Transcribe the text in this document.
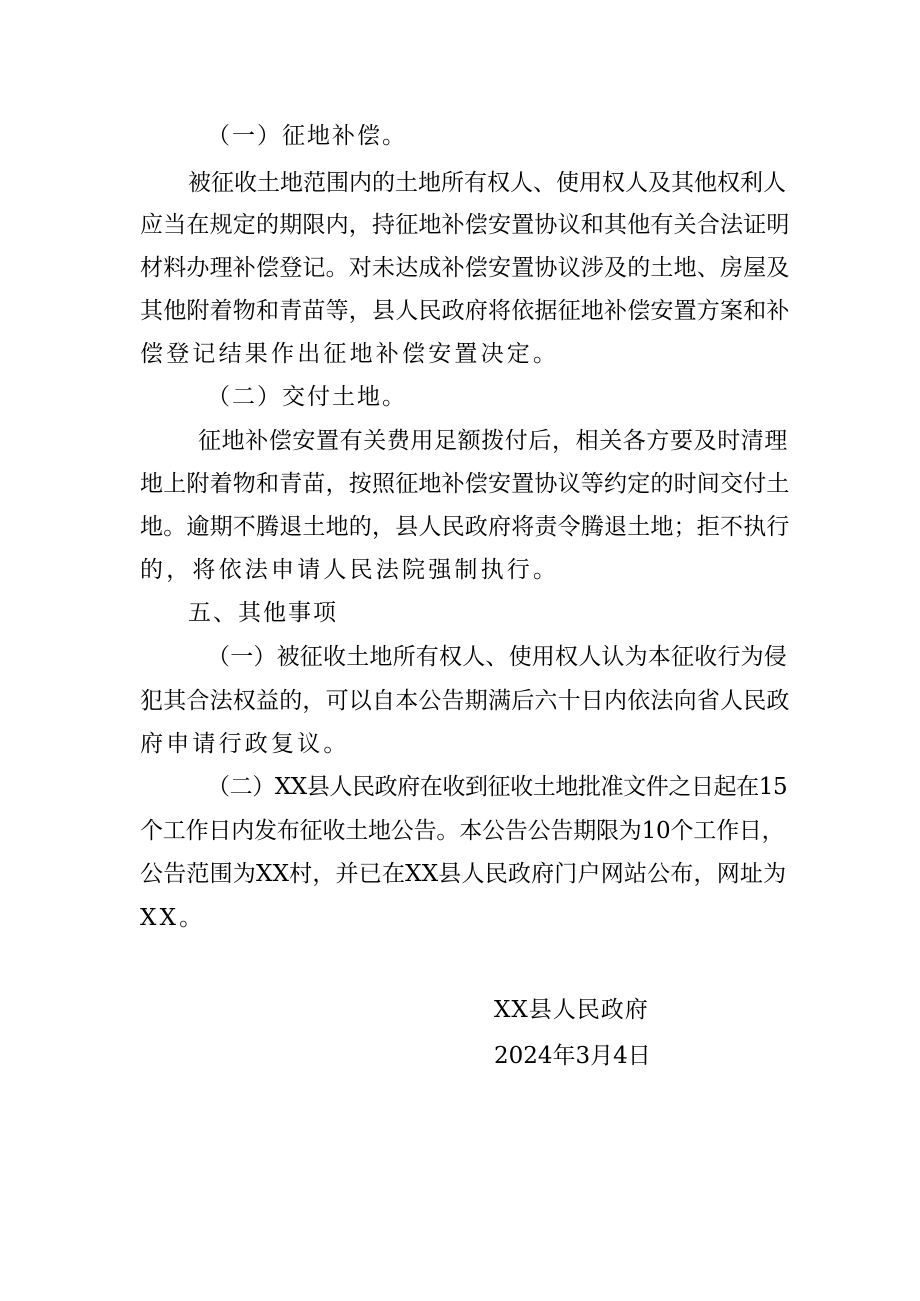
（一）征地补偿。
被征收土地范围内的土地所有权人、使用权人及其他权利人
应当在规定的期限内，持征地补偿安置协议和其他有关合法证明
材料办理补偿登记。对未达成补偿安置协议涉及的土地、房屋及
其他附着物和青苗等，县人民政府将依据征地补偿安置方案和补
偿登记结果作出征地补偿安置决定。
（二）交付土地。
征地补偿安置有关费用足额拨付后，相关各方要及时清理
地上附着物和青苗，按照征地补偿安置协议等约定的时间交付土
地。逾期不腾退土地的，县人民政府将责令腾退土地；拒不执行
的，将依法申请人民法院强制执行。
五、其他事项
（一）被征收土地所有权人、使用权人认为本征收行为侵
犯其合法权益的，可以自本公告期满后六十日内依法向省人民政
府申请行政复议。
（二）XX县人民政府在收到征收土地批准文件之日起在15
个工作日内发布征收土地公告。本公告公告期限为10个工作日，
公告范围为XX村，并已在XX县人民政府门户网站公布，网址为
XX。
XX县人民政府
2024年3月4日
